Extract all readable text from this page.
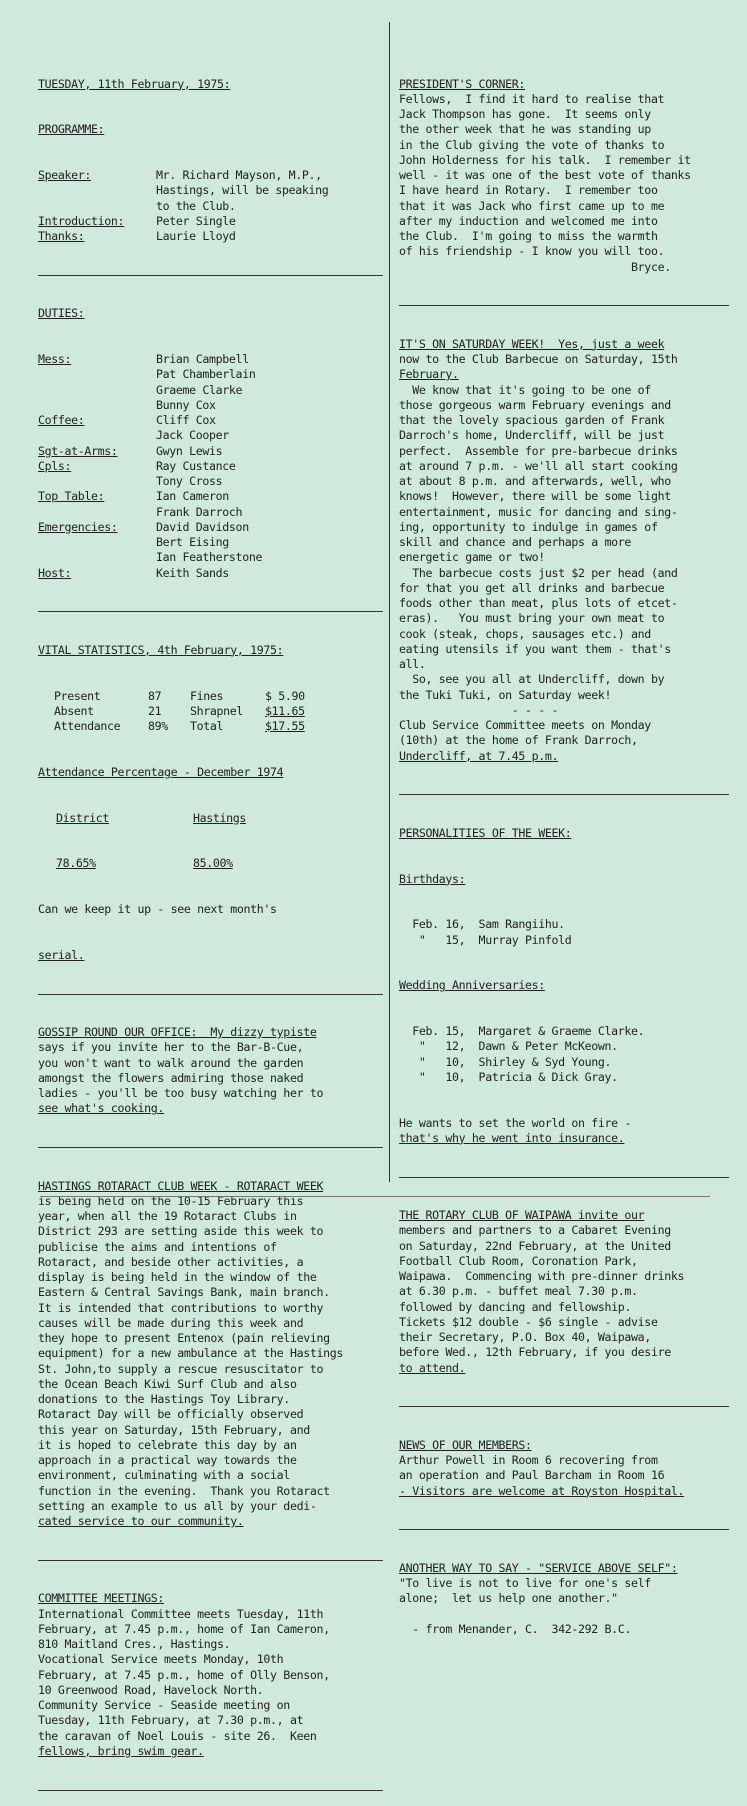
TUESDAY, 11th February, 1975:

PROGRAMME:

Speaker:	Mr. Richard Mayson, M.P.,
Hastings, will be speaking
to the Club.
Introduction:	Peter Single
Thanks:	Laurie Lloyd

DUTIES:

Mess:	Brian Campbell
Pat Chamberlain
Graeme Clarke
Bunny Cox
Coffee:	Cliff Cox
Jack Cooper
Sgt-at-Arms:	Gwyn Lewis
Cpls:	Ray Custance
Tony Cross
Top Table:	Ian Cameron
Frank Darroch
Emergencies:	David Davidson
Bert Eising
Ian Featherstone
Host:	Keith Sands

VITAL STATISTICS, 4th February, 1975:

Present	87 Fines	$ 5.90
Absent	21 Shrapnel $11.65
Attendance 89% Total	$17.55

Attendance Percentage - December 1974

District	Hastings

78.65%	85.00%

Can we keep it up - see next month's

serial.

GOSSIP ROUND OUR OFFICE:  My dizzy typiste
says if you invite her to the Bar-B-Cue,
you won't want to walk around the garden
amongst the flowers admiring those naked
ladies - you'll be too busy watching her to
see what's cooking.

HASTINGS ROTARACT CLUB WEEK - ROTARACT WEEK
is being held on the 10-15 February this
year, when all the 19 Rotaract Clubs in
District 293 are setting aside this week to
publicise the aims and intentions of
Rotaract, and beside other activities, a
display is being held in the window of the
Eastern & Central Savings Bank, main branch.
It is intended that contributions to worthy
causes will be made during this week and
they hope to present Entenox (pain relieving
equipment) for a new ambulance at the Hastings
St. John,to supply a rescue resuscitator to
the Ocean Beach Kiwi Surf Club and also
donations to the Hastings Toy Library.
Rotaract Day will be officially observed
this year on Saturday, 15th February, and
it is hoped to celebrate this day by an
approach in a practical way towards the
environment, culminating with a social
function in the evening.  Thank you Rotaract
setting an example to us all by your dedi-
cated service to our community.

COMMITTEE MEETINGS:
International Committee meets Tuesday, 11th
February, at 7.45 p.m., home of Ian Cameron,
810 Maitland Cres., Hastings.
Vocational Service meets Monday, 10th
February, at 7.45 p.m., home of Olly Benson,
10 Greenwood Road, Havelock North.
Community Service - Seaside meeting on
Tuesday, 11th February, at 7.30 p.m., at
the caravan of Noel Louis - site 26.  Keen
fellows, bring swim gear.

PRESIDENT'S CORNER:
Fellows,  I find it hard to realise that
Jack Thompson has gone.  It seems only
the other week that he was standing up
in the Club giving the vote of thanks to
John Holderness for his talk.  I remember it
well - it was one of the best vote of thanks
I have heard in Rotary.  I remember too
that it was Jack who first came up to me
after my induction and welcomed me into
the Club.  I'm going to miss the warmth
of his friendship - I know you will too.
Bryce.

IT'S ON SATURDAY WEEK!  Yes, just a week
now to the Club Barbecue on Saturday, 15th
February.
We know that it's going to be one of
those gorgeous warm February evenings and
that the lovely spacious garden of Frank
Darroch's home, Undercliff, will be just
perfect.  Assemble for pre-barbecue drinks
at around 7 p.m. - we'll all start cooking
at about 8 p.m. and afterwards, well, who
knows!  However, there will be some light
entertainment, music for dancing and sing-
ing, opportunity to indulge in games of
skill and chance and perhaps a more
energetic game or two!
The barbecue costs just $2 per head (and
for that you get all drinks and barbecue
foods other than meat, plus lots of etcet-
eras).   You must bring your own meat to
cook (steak, chops, sausages etc.) and
eating utensils if you want them - that's
all.
So, see you all at Undercliff, down by
the Tuki Tuki, on Saturday week!
- - - -
Club Service Committee meets on Monday
(10th) at the home of Frank Darroch,
Undercliff, at 7.45 p.m.

PERSONALITIES OF THE WEEK:

Birthdays:

Feb. 16,  Sam Rangiihu.
"   15,  Murray Pinfold

Wedding Anniversaries:

Feb. 15,  Margaret & Graeme Clarke.
"   12,  Dawn & Peter McKeown.
"   10,  Shirley & Syd Young.
"   10,  Patricia & Dick Gray.

He wants to set the world on fire -
that's why he went into insurance.

THE ROTARY CLUB OF WAIPAWA invite our
members and partners to a Cabaret Evening
on Saturday, 22nd February, at the United
Football Club Room, Coronation Park,
Waipawa.  Commencing with pre-dinner drinks
at 6.30 p.m. - buffet meal 7.30 p.m.
followed by dancing and fellowship.
Tickets $12 double - $6 single - advise
their Secretary, P.O. Box 40, Waipawa,
before Wed., 12th February, if you desire
to attend.

NEWS OF OUR MEMBERS:
Arthur Powell in Room 6 recovering from
an operation and Paul Barcham in Room 16
- Visitors are welcome at Royston Hospital.

ANOTHER WAY TO SAY - "SERVICE ABOVE SELF":
"To live is not to live for one's self
alone;  let us help one another."

- from Menander, C.  342-292 B.C.
